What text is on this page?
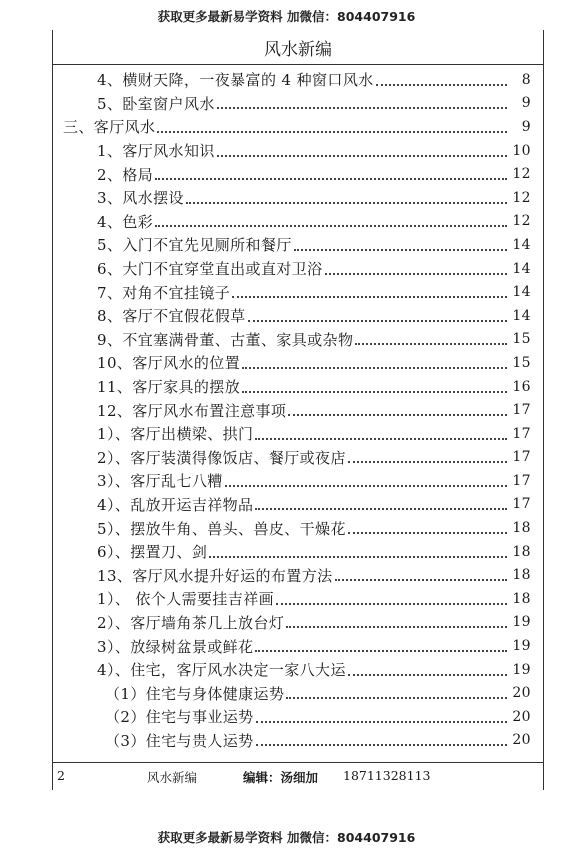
获取更多最新易学资料 加微信：804407916
风水新编
4、横财天降，一夜暴富的 4 种窗口风水	8
5、卧室窗户风水	9
三、客厅风水	9
1、客厅风水知识	10
2、格局	12
3、风水摆设	12
4、色彩	12
5、入门不宜先见厕所和餐厅	14
6、大门不宜穿堂直出或直对卫浴	14
7、对角不宜挂镜子	14
8、客厅不宜假花假草	14
9、不宜塞满骨董、古董、家具或杂物	15
10、客厅风水的位置	15
11、客厅家具的摆放	16
12、客厅风水布置注意事项	17
1）、客厅出横梁、拱门	17
2）、客厅装潢得像饭店、餐厅或夜店	17
3）、客厅乱七八糟	17
4）、乱放开运吉祥物品	17
5）、摆放牛角、兽头、兽皮、干燥花	18
6）、摆置刀、剑	18
13、客厅风水提升好运的布置方法	18
1）、 依个人需要挂吉祥画	18
2）、客厅墙角茶几上放台灯	19
3）、放绿树盆景或鲜花	19
4）、住宅，客厅风水决定一家八大运	19
（1）住宅与身体健康运势	20
（2）住宅与事业运势	20
（3）住宅与贵人运势	20
2	风水新编	编辑：汤细加 18711328113
获取更多最新易学资料 加微信：804407916
